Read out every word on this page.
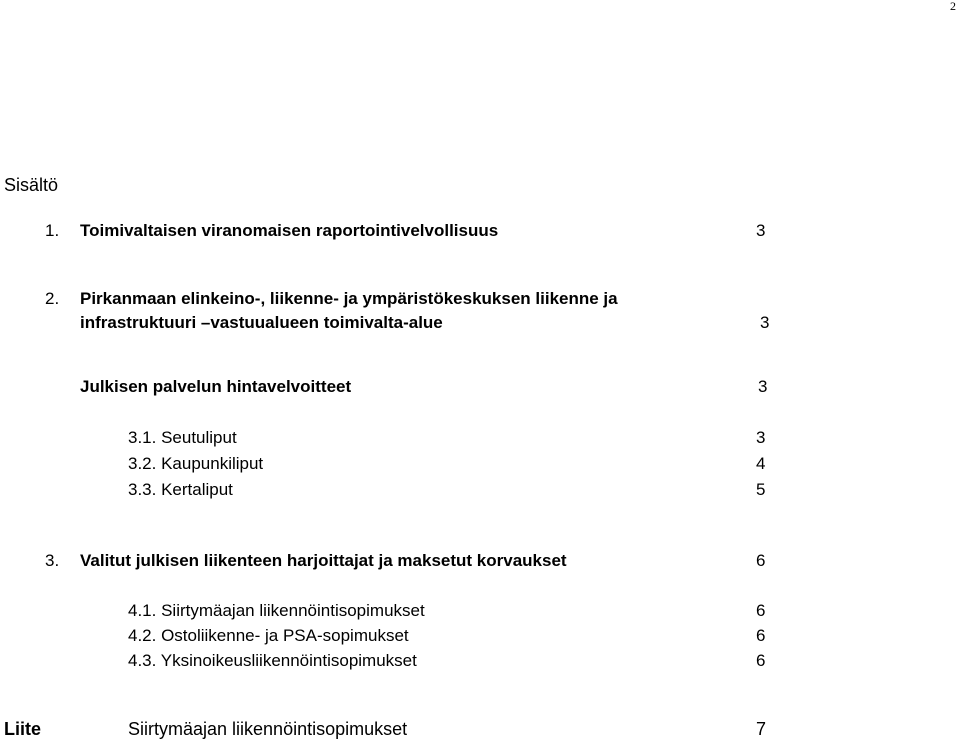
2
Sisältö
1. Toimivaltaisen viranomaisen raportointivelvollisuus	3
2. Pirkanmaan elinkeino-, liikenne- ja ympäristökeskuksen liikenne ja
infrastruktuuri –vastuualueen toimivalta-alue	3
Julkisen palvelun hintavelvoitteet	3
3.1. Seutuliput	3
3.2. Kaupunkiliput	4
3.3. Kertaliput	5
3. Valitut julkisen liikenteen harjoittajat ja maksetut korvaukset	6
4.1. Siirtymäajan liikennöintisopimukset	6
4.2. Ostoliikenne- ja PSA-sopimukset	6
4.3. Yksinoikeusliikennöintisopimukset	6
Liite	Siirtymäajan liikennöintisopimukset	7
